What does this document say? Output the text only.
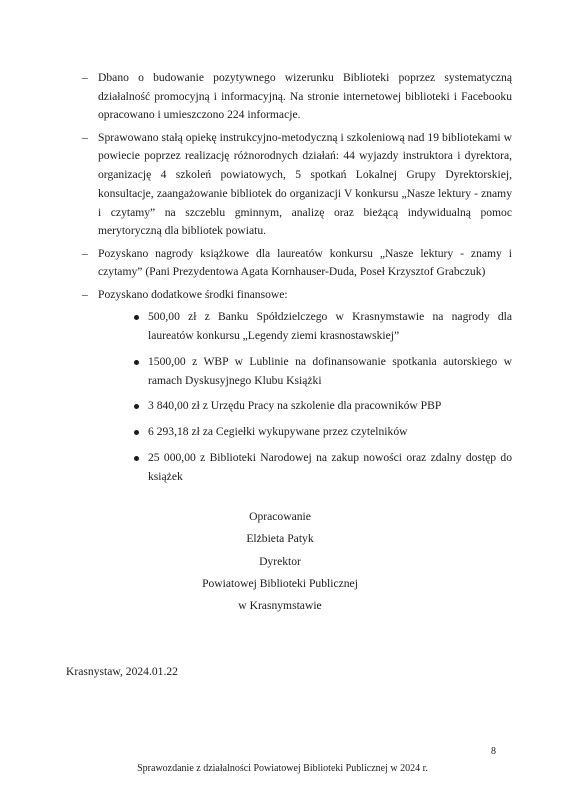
– Dbano o budowanie pozytywnego wizerunku Biblioteki poprzez systematyczną działalność promocyjną i informacyjną. Na stronie internetowej biblioteki i Facebooku opracowano i umieszczono 224 informacje.
– Sprawowano stałą opiekę instrukcyjno-metodyczną i szkoleniową nad 19 bibliotekami w powiecie poprzez realizację różnorodnych działań: 44 wyjazdy instruktora i dyrektora, organizację 4 szkoleń powiatowych, 5 spotkań Lokalnej Grupy Dyrektorskiej, konsultacje, zaangażowanie bibliotek do organizacji V konkursu „Nasze lektury - znamy i czytamy” na szczeblu gminnym, analizę oraz bieżącą indywidualną pomoc merytoryczną dla bibliotek powiatu.
– Pozyskano nagrody książkowe dla laureatów konkursu „Nasze lektury - znamy i czytamy” (Pani Prezydentowa Agata Kornhauser-Duda, Poseł Krzysztof Grabczuk)
– Pozyskano dodatkowe środki finansowe:
500,00 zł z Banku Spółdzielczego w Krasnymstawie na nagrody dla laureatów konkursu „Legendy ziemi krasnostawskiej”
1500,00 z WBP w Lublinie na dofinansowanie spotkania autorskiego w ramach Dyskusyjnego Klubu Książki
3 840,00 zł z Urzędu Pracy na szkolenie dla pracowników PBP
6 293,18 zł za Cegiełki wykupywane przez czytelników
25 000,00 z Biblioteki Narodowej na zakup nowości oraz zdalny dostęp do książek
Opracowanie
Elżbieta Patyk
Dyrektor
Powiatowej Biblioteki Publicznej
w Krasnymstawie
Krasnystaw, 2024.01.22
8
Sprawozdanie z działalności Powiatowej Biblioteki Publicznej w 2024 r.
